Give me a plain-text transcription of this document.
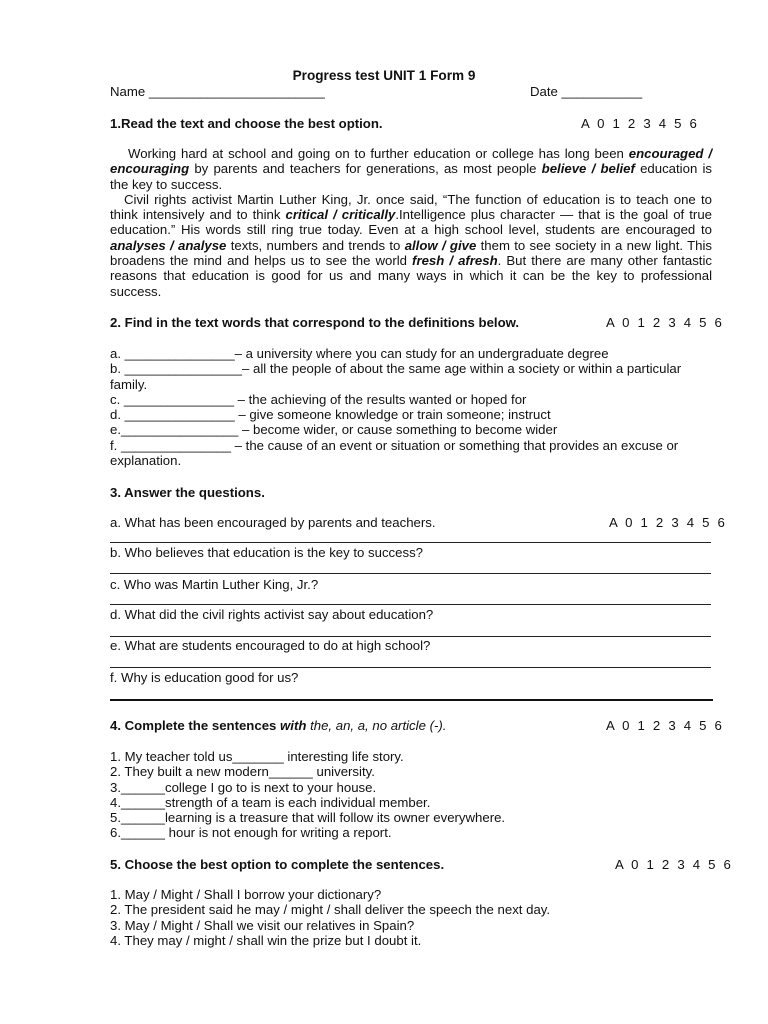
Progress test UNIT 1 Form 9
Name ________________________	Date ___________
1.Read the text and choose the best option.	A 0 1 2 3 4 5 6
Working hard at school and going on to further education or college has long been encouraged / encouraging by parents and teachers for generations, as most people believe / belief education is the key to success.
Civil rights activist Martin Luther King, Jr. once said, “The function of education is to teach one to think intensively and to think critical / critically.Intelligence plus character — that is the goal of true education.” His words still ring true today. Even at a high school level, students are encouraged to analyses / analyse texts, numbers and trends to allow / give them to see society in a new light. This broadens the mind and helps us to see the world fresh / afresh. But there are many other fantastic reasons that education is good for us and many ways in which it can be the key to professional success.
2. Find in the text words that correspond to the definitions below.	A 0 1 2 3 4 5 6
a. _______________– a university where you can study for an undergraduate degree
b. ________________– all the people of about the same age within a society or within a particular family.
c. _______________ – the achieving of the results wanted or hoped for
d. _______________ – give someone knowledge or train someone; instruct
e.________________ – become wider, or cause something to become wider
f. _______________ – the cause of an event or situation or something that provides an excuse or explanation.
3. Answer the questions.
a. What has been encouraged by parents and teachers.	A 0 1 2 3 4 5 6
b. Who believes that education is the key to success?
c. Who was Martin Luther King, Jr.?
d. What did the civil rights activist say about education?
e. What are students encouraged to do at high school?
f. Why is education good for us?
4. Complete the sentences with the, an, a, no article (-).	A 0 1 2 3 4 5 6
1. My teacher told us_______ interesting life story.
2. They built a new modern______ university.
3.______college I go to is next to your house.
4.______strength of a team is each individual member.
5.______learning is a treasure that will follow its owner everywhere.
6.______ hour is not enough for writing a report.
5. Choose the best option to complete the sentences.	A 0 1 2 3 4 5 6
1. May / Might / Shall I borrow your dictionary?
2. The president said he may / might / shall deliver the speech the next day.
3. May / Might / Shall we visit our relatives in Spain?
4. They may / might / shall win the prize but I doubt it.
